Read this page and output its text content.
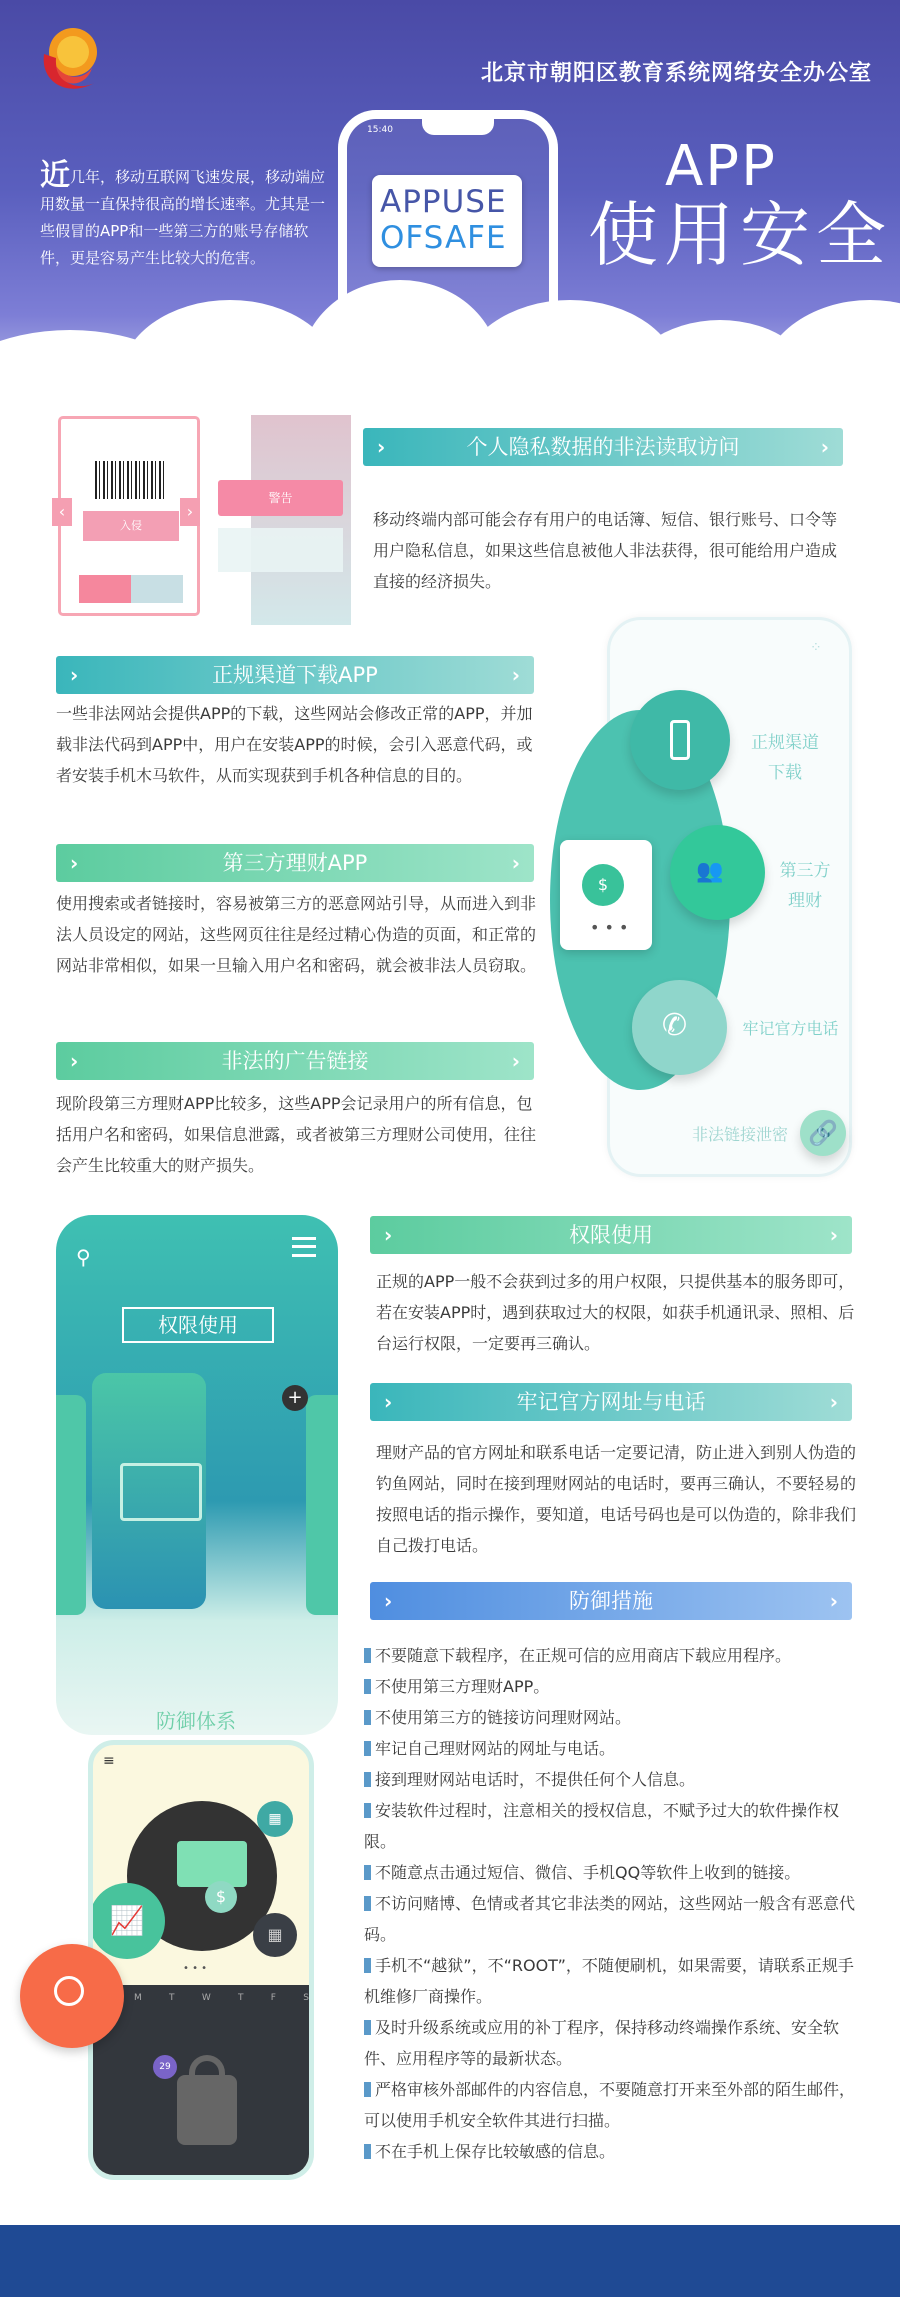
北京市朝阳区教育系统网络安全办公室
近几年，移动互联网飞速发展，移动端应用数量一直保持很高的增长速率。尤其是一些假冒的APP和一些第三方的账号存储软件，更是容易产生比较大的危害。
15:40
APPUSE
OFSAFE
APP
使用安全
警告
入侵
‹	›
›	个人隐私数据的非法读取访问	›
移动终端内部可能会存有用户的电话簿、短信、银行账号、口令等用户隐私信息，如果这些信息被他人非法获得，很可能给用户造成直接的经济损失。
›	正规渠道下载APP	›
一些非法网站会提供APP的下载，这些网站会修改正常的APP，并加载非法代码到APP中，用户在安装APP的时候，会引入恶意代码，或者安装手机木马软件，从而实现获到手机各种信息的目的。
›	第三方理财APP	›
使用搜索或者链接时，容易被第三方的恶意网站引导，从而进入到非法人员设定的网站，这些网页往往是经过精心伪造的页面，和正常的网站非常相似，如果一旦输入用户名和密码，就会被非法人员窃取。
›	非法的广告链接	›
现阶段第三方理财APP比较多，这些APP会记录用户的所有信息，包括用户名和密码，如果信息泄露，或者被第三方理财公司使用，往往会产生比较重大的财产损失。
⁘
正规渠道
下载
👥	第三方
理财
✆	牢记官方电话
非法链接泄密 🔗
$
• • •
⚲
权限使用
+
防御体系
≡
$
▦
📈	▦
• • •
M	T	W	T	F	S
29
›	权限使用	›
正规的APP一般不会获到过多的用户权限，只提供基本的服务即可，若在安装APP时，遇到获取过大的权限，如获手机通讯录、照相、后台运行权限，一定要再三确认。
›	牢记官方网址与电话	›
理财产品的官方网址和联系电话一定要记清，防止进入到别人伪造的钓鱼网站，同时在接到理财网站的电话时，要再三确认，不要轻易的按照电话的指示操作，要知道，电话号码也是可以伪造的，除非我们自己拨打电话。
›	防御措施	›
不要随意下载程序，在正规可信的应用商店下载应用程序。
不使用第三方理财APP。
不使用第三方的链接访问理财网站。
牢记自己理财网站的网址与电话。
接到理财网站电话时，不提供任何个人信息。
安装软件过程时，注意相关的授权信息，不赋予过大的软件操作权限。
不随意点击通过短信、微信、手机QQ等软件上收到的链接。
不访问赌博、色情或者其它非法类的网站，这些网站一般含有恶意代码。
手机不“越狱”，不“ROOT”，不随便刷机，如果需要，请联系正规手机维修厂商操作。
及时升级系统或应用的补丁程序，保持移动终端操作系统、安全软件、应用程序等的最新状态。
严格审核外部邮件的内容信息，不要随意打开来至外部的陌生邮件，可以使用手机安全软件其进行扫描。
不在手机上保存比较敏感的信息。
